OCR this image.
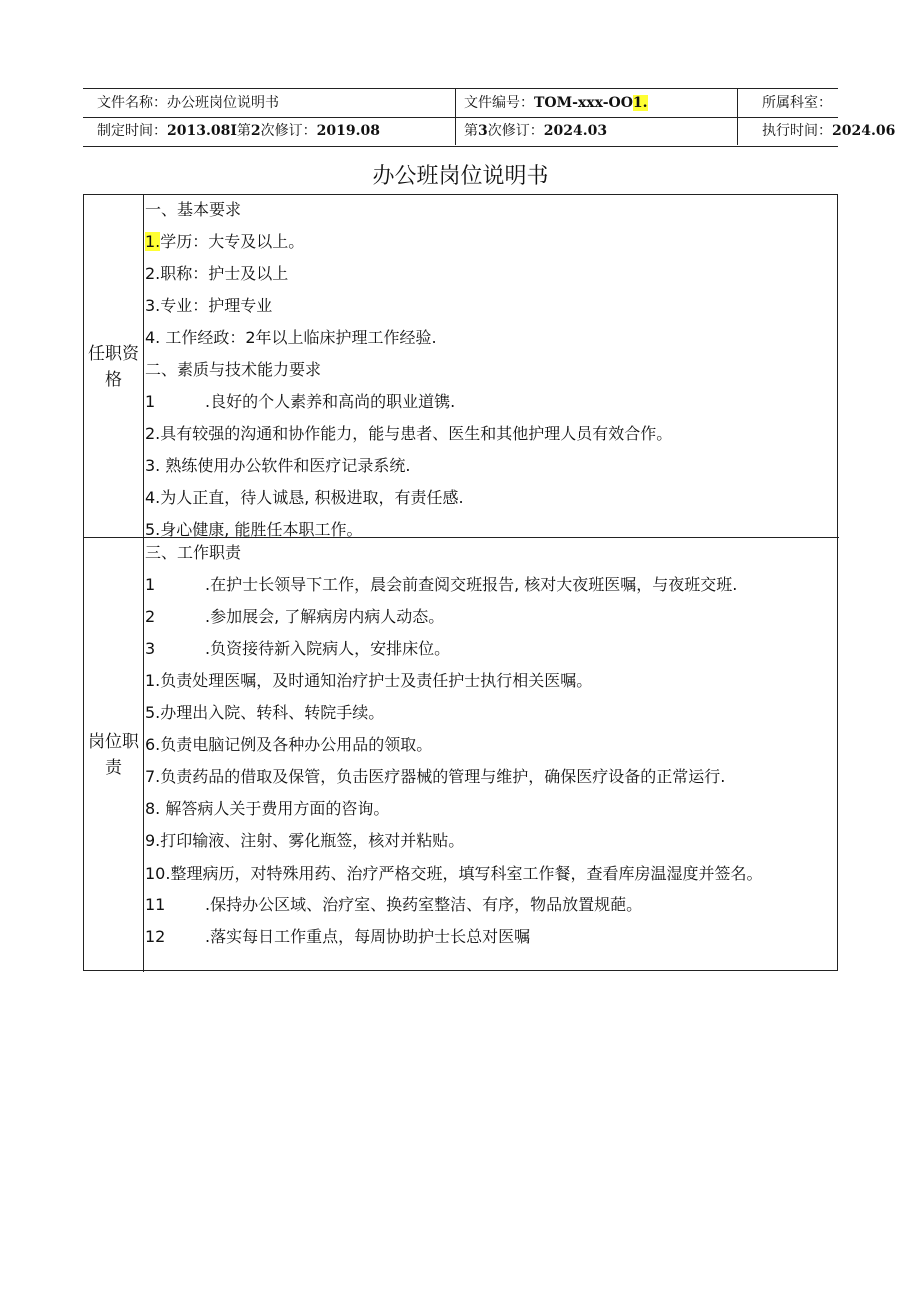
文件名称：办公班岗位说明书	文件编号：TOM-xxx-OO1.	所属科室：
制定时间：2013.08I第2次修订：2019.08	第3次修订：2024.03	执行时间：2024.06
办公班岗位说明书
任职资格
一、基本要求
1.学历：大专及以上。
2.职称：护士及以上
3.专业：护理专业
4. 工作经政：2年以上临床护理工作经验.
二、素质与技术能力要求
1	.良好的个人素养和高尚的职业道镌.
2.具有较强的沟通和协作能力，能与患者、医生和其他护理人员有效合作。
3. 熟练使用办公软件和医疗记录系统.
4.为人正直，待人诚恳, 积极进取，有责任感.
5.身心健康, 能胜任本职工作。
岗位职责
三、工作职责
1	.在护士长领导下工作，晨会前查阅交班报告, 核对大夜班医嘱，与夜班交班.
2	.参加展会, 了解病房内病人动态。
3	.负资接待新入院病人，安排床位。
1.负责处理医嘱，及时通知治疗护士及责任护士执行相关医嘱。
5.办理出入院、转科、转院手续。
6.负责电脑记例及各种办公用品的领取。
7.负责药品的借取及保管，负击医疗器械的管理与维护，确保医疗设备的正常运行.
8. 解答病人关于费用方面的咨询。
9.打印输液、注射、雾化瓶签，核对并粘贴。
10.整理病历，对特殊用药、治疗严格交班，填写科室工作餐，查看库房温湿度并签名。
11 .保持办公区域、治疗室、换药室整洁、有序，物品放置规葩。
12 .落实每日工作重点，每周协助护士长总对医嘱
